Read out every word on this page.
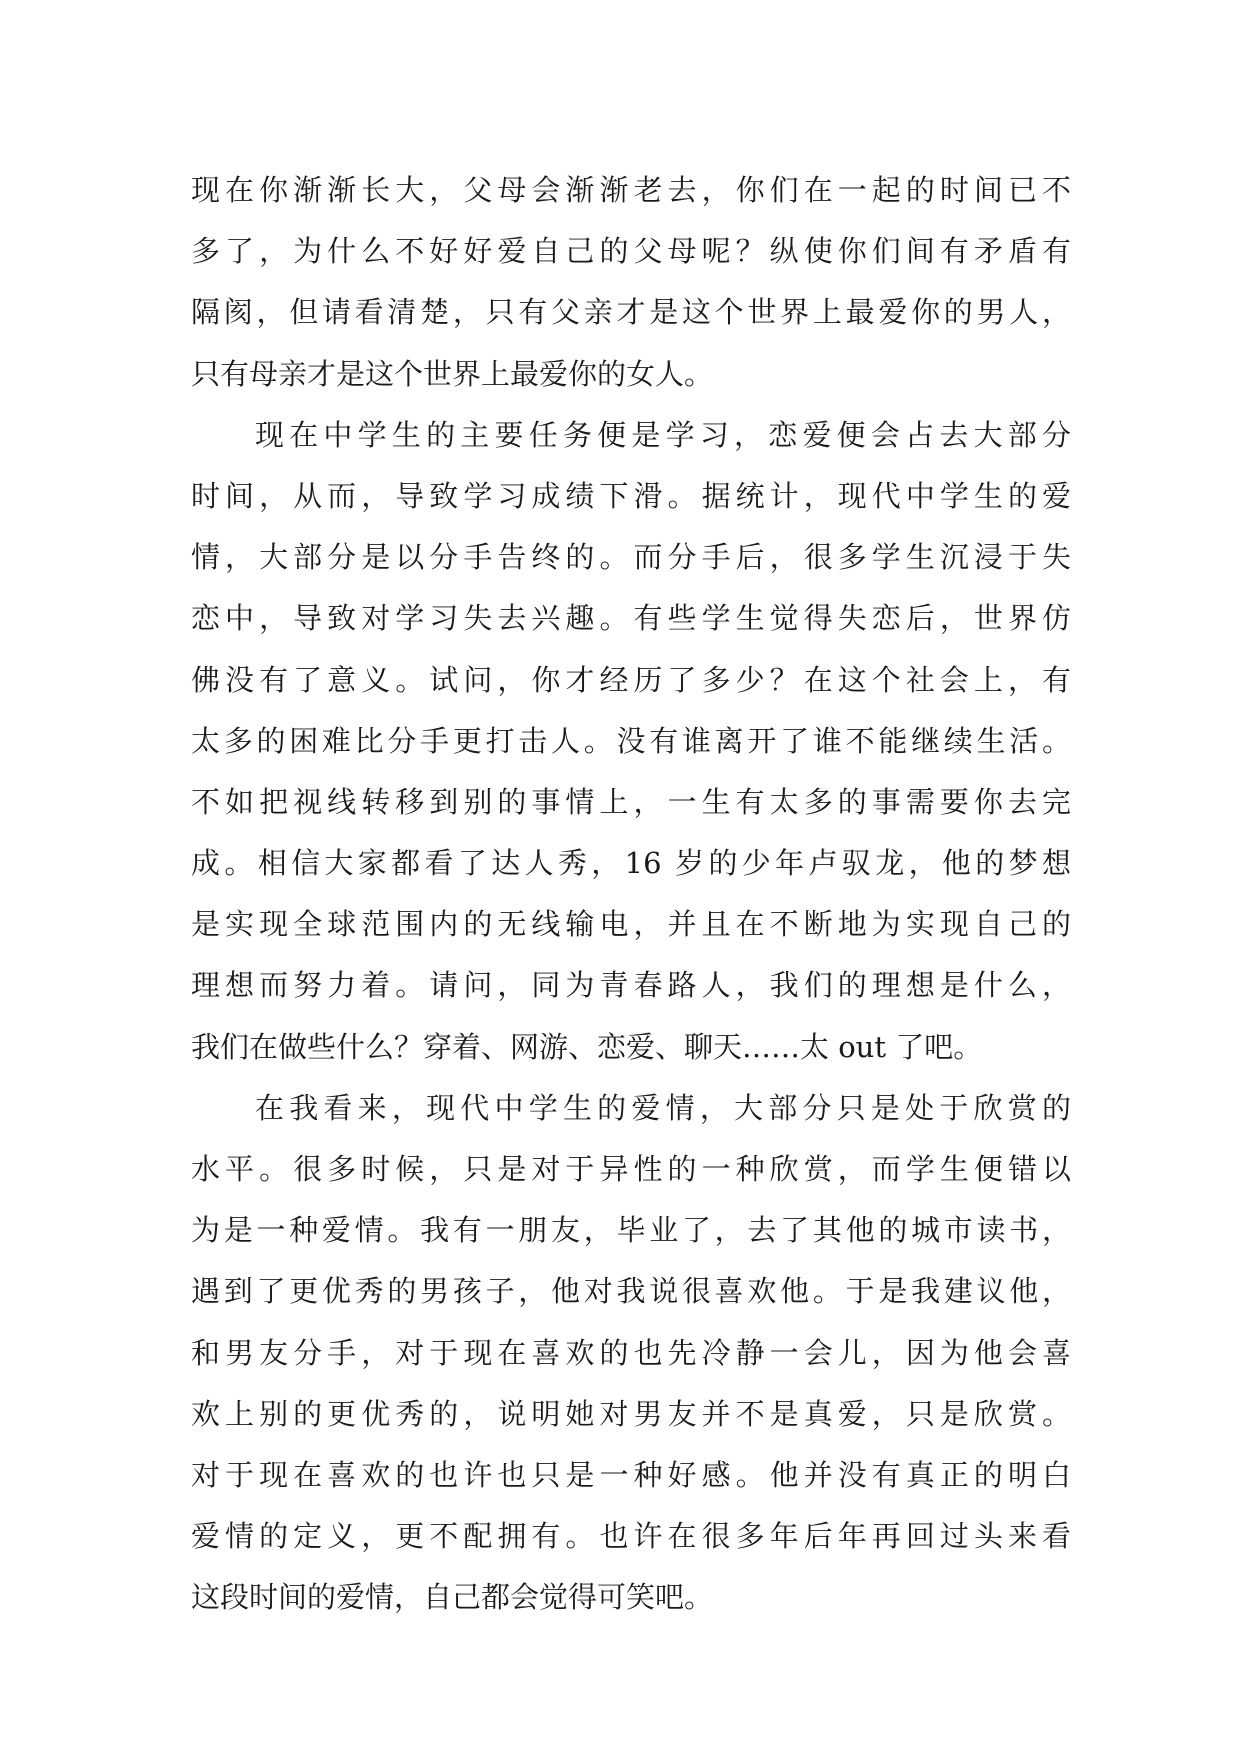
现在你渐渐长大，父母会渐渐老去，你们在一起的时间已不
多了，为什么不好好爱自己的父母呢？纵使你们间有矛盾有
隔阂，但请看清楚，只有父亲才是这个世界上最爱你的男人，
只有母亲才是这个世界上最爱你的女人。
现在中学生的主要任务便是学习，恋爱便会占去大部分
时间，从而，导致学习成绩下滑。据统计，现代中学生的爱
情，大部分是以分手告终的。而分手后，很多学生沉浸于失
恋中，导致对学习失去兴趣。有些学生觉得失恋后，世界仿
佛没有了意义。试问，你才经历了多少？在这个社会上，有
太多的困难比分手更打击人。没有谁离开了谁不能继续生活。
不如把视线转移到别的事情上，一生有太多的事需要你去完
成。相信大家都看了达人秀，16 岁的少年卢驭龙，他的梦想
是实现全球范围内的无线输电，并且在不断地为实现自己的
理想而努力着。请问，同为青春路人，我们的理想是什么，
我们在做些什么？穿着、网游、恋爱、聊天……太 out 了吧。
在我看来，现代中学生的爱情，大部分只是处于欣赏的
水平。很多时候，只是对于异性的一种欣赏，而学生便错以
为是一种爱情。我有一朋友，毕业了，去了其他的城市读书，
遇到了更优秀的男孩子，他对我说很喜欢他。于是我建议他，
和男友分手，对于现在喜欢的也先冷静一会儿，因为他会喜
欢上别的更优秀的，说明她对男友并不是真爱，只是欣赏。
对于现在喜欢的也许也只是一种好感。他并没有真正的明白
爱情的定义，更不配拥有。也许在很多年后年再回过头来看
这段时间的爱情，自己都会觉得可笑吧。
